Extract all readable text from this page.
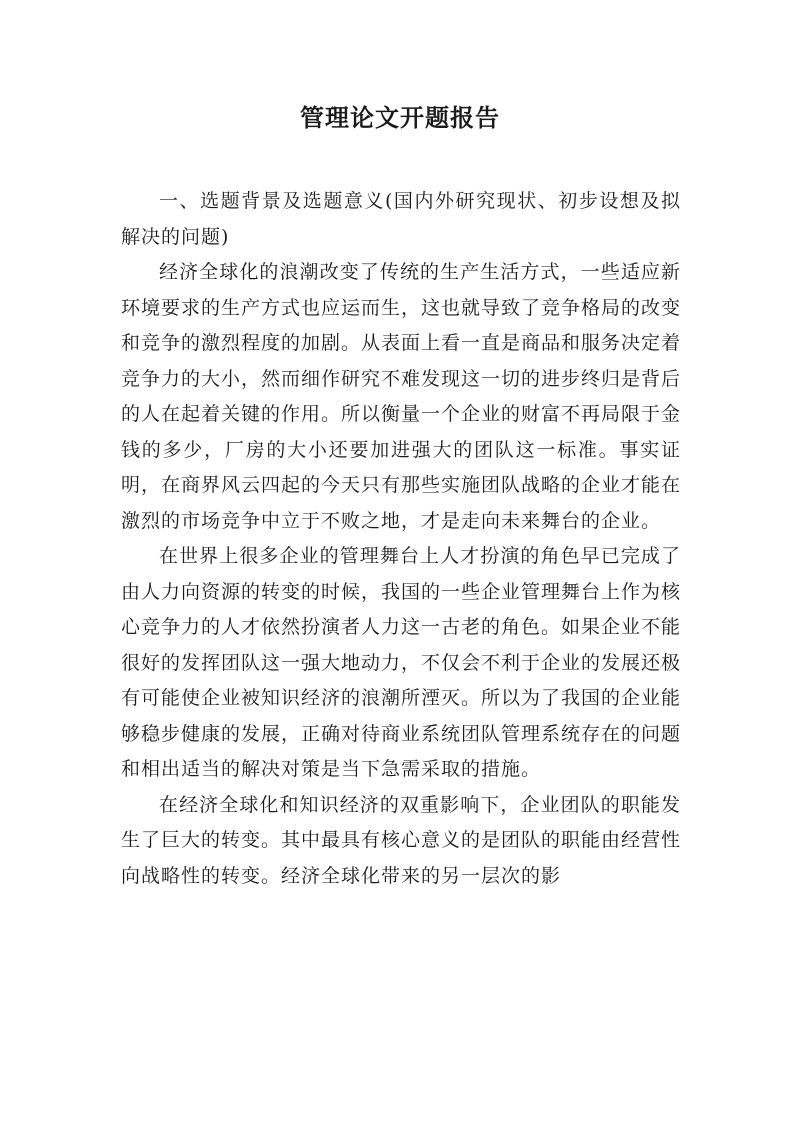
管理论文开题报告

一、选题背景及选题意义(国内外研究现状、初步设想及拟解决的问题)

经济全球化的浪潮改变了传统的生产生活方式，一些适应新环境要求的生产方式也应运而生，这也就导致了竞争格局的改变和竞争的激烈程度的加剧。从表面上看一直是商品和服务决定着竞争力的大小，然而细作研究不难发现这一切的进步终归是背后的人在起着关键的作用。所以衡量一个企业的财富不再局限于金钱的多少，厂房的大小还要加进强大的团队这一标准。事实证明，在商界风云四起的今天只有那些实施团队战略的企业才能在激烈的市场竞争中立于不败之地，才是走向未来舞台的企业。

在世界上很多企业的管理舞台上人才扮演的角色早已完成了由人力向资源的转变的时候，我国的一些企业管理舞台上作为核心竞争力的人才依然扮演者人力这一古老的角色。如果企业不能很好的发挥团队这一强大地动力，不仅会不利于企业的发展还极有可能使企业被知识经济的浪潮所湮灭。所以为了我国的企业能够稳步健康的发展，正确对待商业系统团队管理系统存在的问题和相出适当的解决对策是当下急需采取的措施。

在经济全球化和知识经济的双重影响下，企业团队的职能发生了巨大的转变。其中最具有核心意义的是团队的职能由经营性向战略性的转变。经济全球化带来的另一层次的影
